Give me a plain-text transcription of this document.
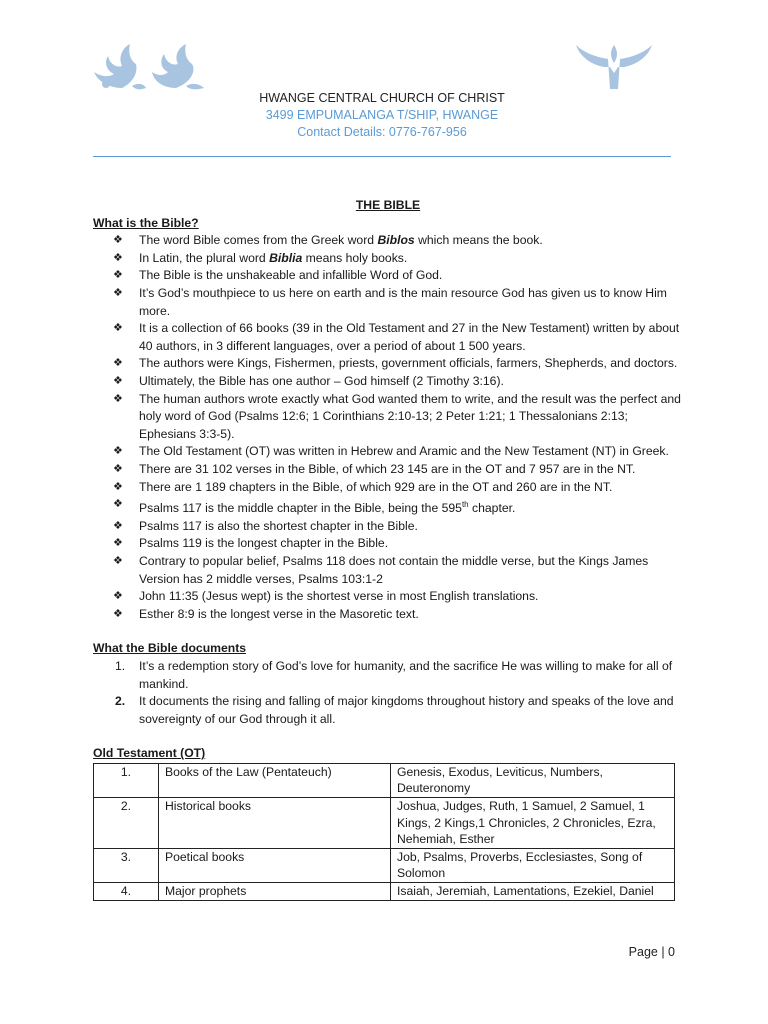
HWANGE CENTRAL CHURCH OF CHRIST
3499 EMPUMALANGA T/SHIP, HWANGE
Contact Details: 0776-767-956

THE BIBLE

What is the Bible?

❖ The word Bible comes from the Greek word Biblos which means the book.
❖ In Latin, the plural word Biblia means holy books.
❖ The Bible is the unshakeable and infallible Word of God.
❖ It’s God’s mouthpiece to us here on earth and is the main resource God has given us to know Him more.
❖ It is a collection of 66 books (39 in the Old Testament and 27 in the New Testament) written by about 40 authors, in 3 different languages, over a period of about 1 500 years.
❖ The authors were Kings, Fishermen, priests, government officials, farmers, Shepherds, and doctors.
❖ Ultimately, the Bible has one author – God himself (2 Timothy 3:16).
❖ The human authors wrote exactly what God wanted them to write, and the result was the perfect and holy word of God (Psalms 12:6; 1 Corinthians 2:10-13; 2 Peter 1:21; 1 Thessalonians 2:13; Ephesians 3:3-5).
❖ The Old Testament (OT) was written in Hebrew and Aramic and the New Testament (NT) in Greek.
❖ There are 31 102 verses in the Bible, of which 23 145 are in the OT and 7 957 are in the NT.
❖ There are 1 189 chapters in the Bible, of which 929 are in the OT and 260 are in the NT.
❖ Psalms 117 is the middle chapter in the Bible, being the 595th chapter.
❖ Psalms 117 is also the shortest chapter in the Bible.
❖ Psalms 119 is the longest chapter in the Bible.
❖ Contrary to popular belief, Psalms 118 does not contain the middle verse, but the Kings James Version has 2 middle verses, Psalms 103:1-2
❖ John 11:35 (Jesus wept) is the shortest verse in most English translations.
❖ Esther 8:9 is the longest verse in the Masoretic text.

What the Bible documents

1. It’s a redemption story of God’s love for humanity, and the sacrifice He was willing to make for all of mankind.
2. It documents the rising and falling of major kingdoms throughout history and speaks of the love and sovereignty of our God through it all.

Old Testament (OT)

1.	Books of the Law (Pentateuch)	Genesis, Exodus, Leviticus, Numbers, Deuteronomy
2.	Historical books	Joshua, Judges, Ruth, 1 Samuel, 2 Samuel, 1 Kings, 2 Kings,1 Chronicles, 2 Chronicles, Ezra, Nehemiah, Esther
3.	Poetical books	Job, Psalms, Proverbs, Ecclesiastes, Song of Solomon
4.	Major prophets	Isaiah, Jeremiah, Lamentations, Ezekiel, Daniel
Page | 0
